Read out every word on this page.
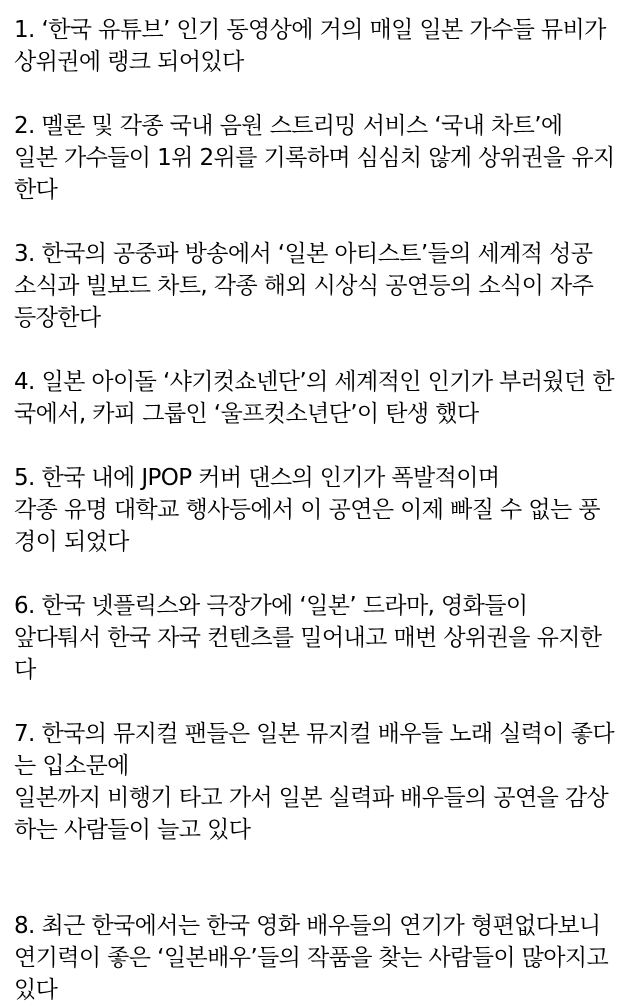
1. ‘한국 유튜브’ 인기 동영상에 거의 매일 일본 가수들 뮤비가
상위권에 랭크 되어있다
2. 멜론 및 각종 국내 음원 스트리밍 서비스 ‘국내 차트’에
일본 가수들이 1위 2위를 기록하며 심심치 않게 상위권을 유지
한다
3. 한국의 공중파 방송에서 ‘일본 아티스트’들의 세계적 성공
소식과 빌보드 차트, 각종 해외 시상식 공연등의 소식이 자주
등장한다
4. 일본 아이돌 ‘샤기컷쇼넨단’의 세계적인 인기가 부러웠던 한
국에서, 카피 그룹인 ‘울프컷소년단’이 탄생 했다
5. 한국 내에 JPOP 커버 댄스의 인기가 폭발적이며
각종 유명 대학교 행사등에서 이 공연은 이제 빠질 수 없는 풍
경이 되었다
6. 한국 넷플릭스와 극장가에 ‘일본’ 드라마, 영화들이
앞다퉈서 한국 자국 컨텐츠를 밀어내고 매번 상위권을 유지한
다
7. 한국의 뮤지컬 팬들은 일본 뮤지컬 배우들 노래 실력이 좋다
는 입소문에
일본까지 비행기 타고 가서 일본 실력파 배우들의 공연을 감상
하는 사람들이 늘고 있다
8. 최근 한국에서는 한국 영화 배우들의 연기가 형편없다보니
연기력이 좋은 ‘일본배우’들의 작품을 찾는 사람들이 많아지고
있다
